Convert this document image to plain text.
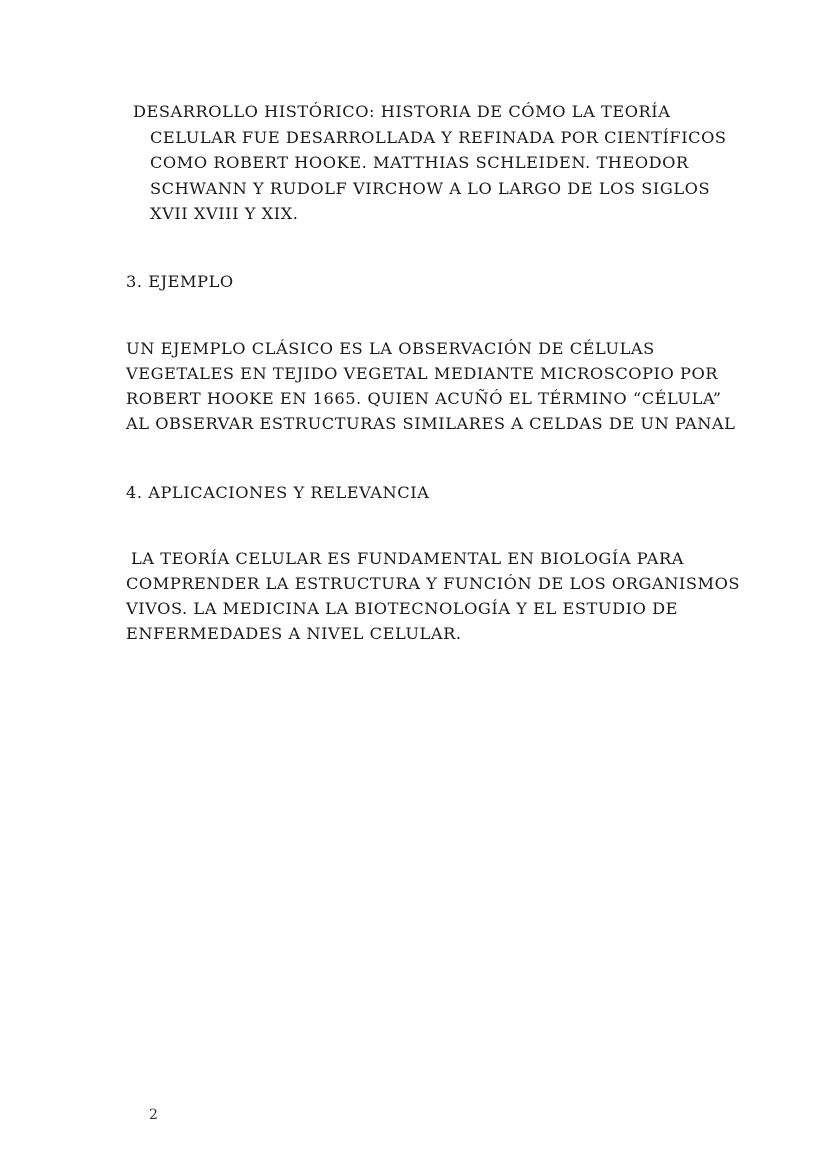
DESARROLLO HISTÓRICO: HISTORIA DE CÓMO LA TEORÍA
CELULAR FUE DESARROLLADA Y REFINADA POR CIENTÍFICOS
COMO ROBERT HOOKE. MATTHIAS SCHLEIDEN. THEODOR
SCHWANN Y RUDOLF VIRCHOW A LO LARGO DE LOS SIGLOS
XVII XVIII Y XIX.
3. EJEMPLO
UN EJEMPLO CLÁSICO ES LA OBSERVACIÓN DE CÉLULAS
VEGETALES EN TEJIDO VEGETAL MEDIANTE MICROSCOPIO POR
ROBERT HOOKE EN 1665. QUIEN ACUÑÓ EL TÉRMINO “CÉLULA”
AL OBSERVAR ESTRUCTURAS SIMILARES A CELDAS DE UN PANAL
4. APLICACIONES Y RELEVANCIA
LA TEORÍA CELULAR ES FUNDAMENTAL EN BIOLOGÍA PARA
COMPRENDER LA ESTRUCTURA Y FUNCIÓN DE LOS ORGANISMOS
VIVOS. LA MEDICINA LA BIOTECNOLOGÍA Y EL ESTUDIO DE
ENFERMEDADES A NIVEL CELULAR.
2
